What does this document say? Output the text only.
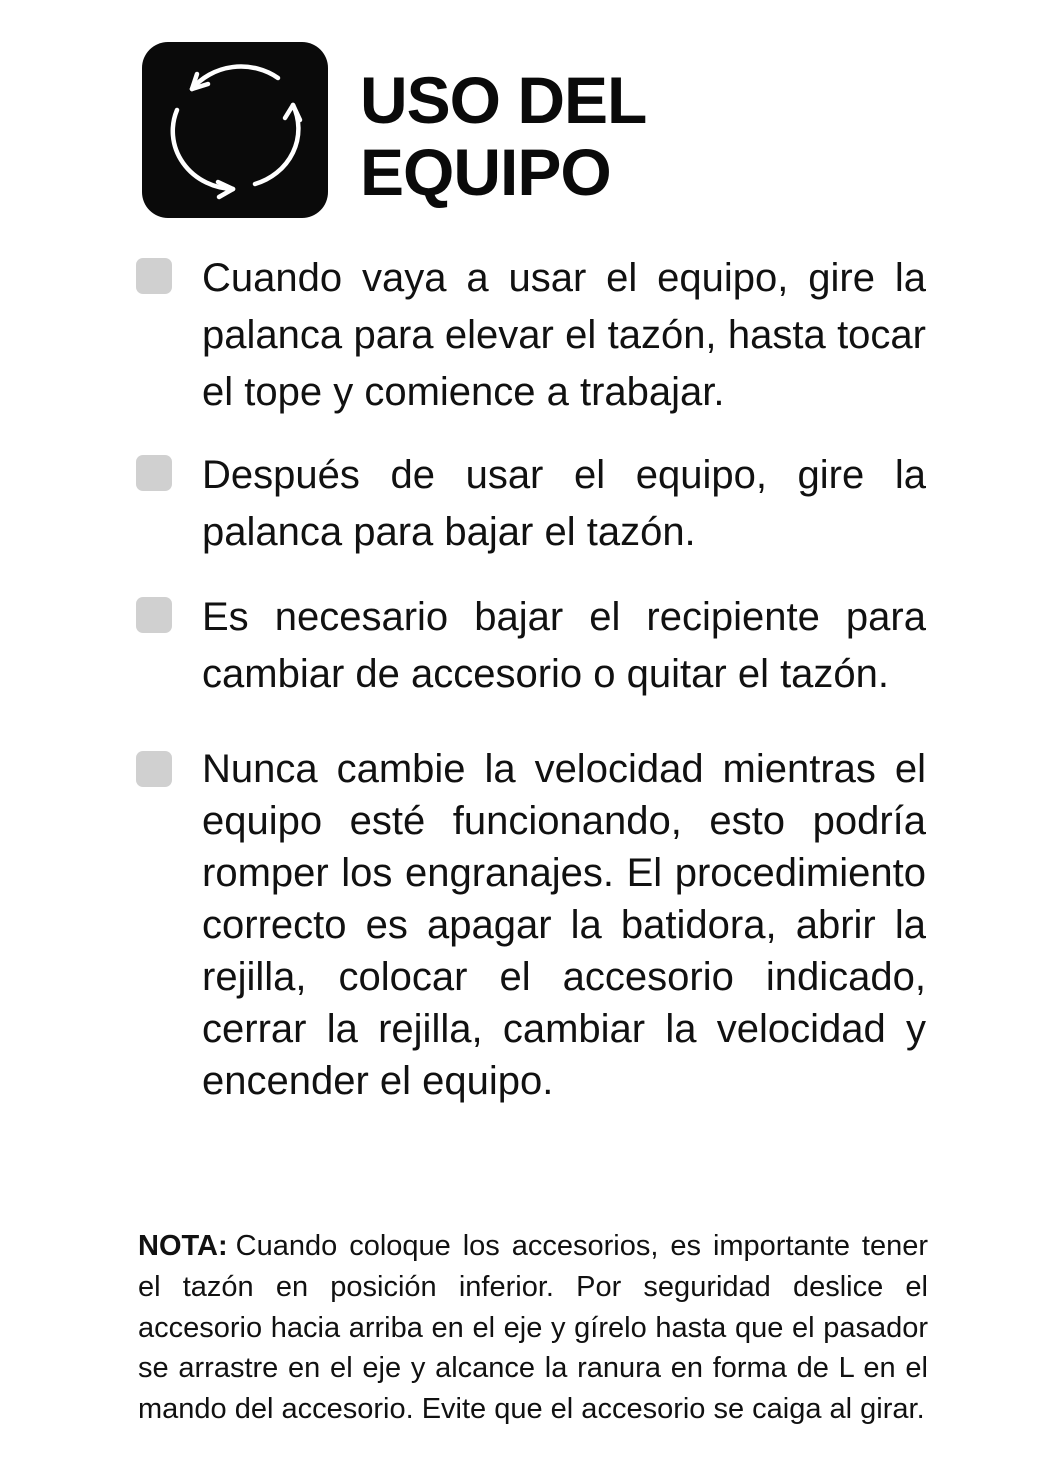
USO DEL
EQUIPO
Cuando vaya a usar el equipo, gire la palanca para elevar el tazón, hasta tocar el tope y comience a trabajar.
Después de usar el equipo, gire la palanca para bajar el tazón.
Es necesario bajar el recipiente para cambiar de accesorio o quitar el tazón.
Nunca cambie la velocidad mientras el equipo esté funcionando, esto podría romper los engranajes. El procedimiento correcto es apagar la batidora, abrir la rejilla, colocar el accesorio indicado, cerrar la rejilla, cambiar la velocidad y encender el equipo.

NOTA: Cuando coloque los accesorios, es importante tener el tazón en posición inferior. Por seguridad deslice el accesorio hacia arriba en el eje y gírelo hasta que el pasador se arrastre en el eje y alcance la ranura en forma de L en el mando del accesorio. Evite que el accesorio se caiga al girar.
